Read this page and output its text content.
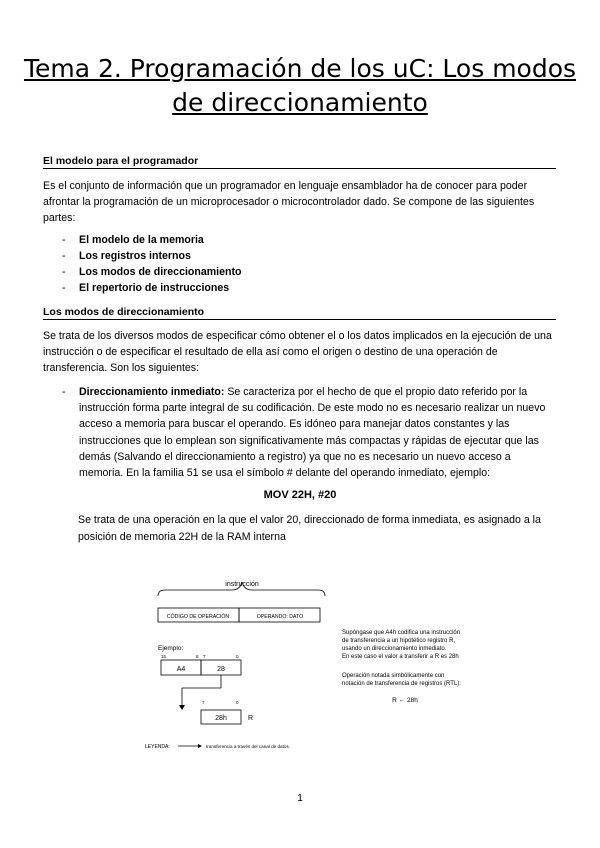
Tema 2. Programación de los uC: Los modos
de direccionamiento
El modelo para el programador

Es el conjunto de información que un programador en lenguaje ensamblador ha de conocer para poder afrontar la programación de un microprocesador o microcontrolador dado. Se compone de las siguientes partes:

- El modelo de la memoria
- Los registros internos
- Los modos de direccionamiento
- El repertorio de instrucciones
Los modos de direccionamiento

Se trata de los diversos modos de especificar cómo obtener el o los datos implicados en la ejecución de una instrucción o de especificar el resultado de ella así como el origen o destino de una operación de transferencia. Son los siguientes:

- Direccionamiento inmediato: Se caracteriza por el hecho de que el propio dato referido por la instrucción forma parte integral de su codificación. De este modo no es necesario realizar un nuevo acceso a memoria para buscar el operando. Es idóneo para manejar datos constantes y las instrucciones que lo emplean son significativamente más compactas y rápidas de ejecutar que las demás (Salvando el direccionamiento a registro) ya que no es necesario un nuevo acceso a memoria. En la familia 51 se usa el símbolo # delante del operando inmediato, ejemplo:
MOV 22H, #20
Se trata de una operación en la que el valor 20, direccionado de forma inmediata, es asignado a la posición de memoria 22H de la RAM interna
instrucción
CÓDIGO DE OPERACIÓN	OPERANDO: DATO
Ejemplo:
15	8 7	0
A4	28
7	0
28h	R
LEYENDA:	transferencia a través del canal de datos
Supóngase que A4h codifica una instrucción
de transferencia a un hipotético registro R,
usando un direccionamiento inmediato.
En este caso el valor a transferir a R es 28h
Operación notada simbólicamente con
notación de transferencia de registros (RTL):
R ← 28h
1
